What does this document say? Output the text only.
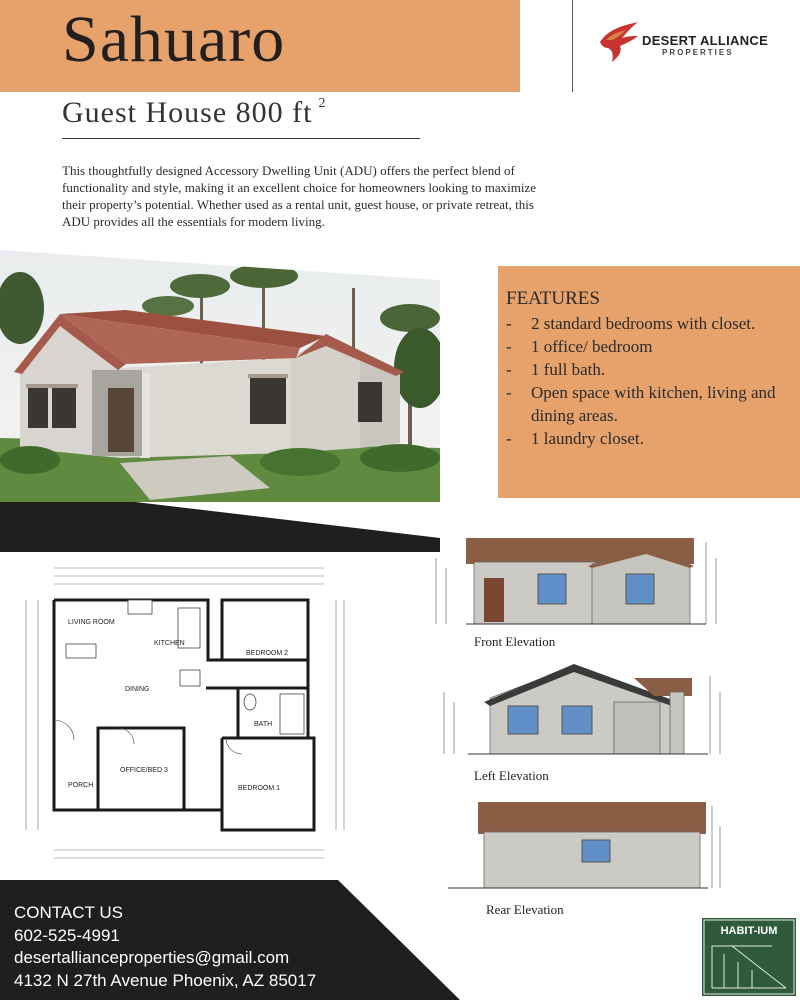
Sahuaro
Guest House 800 ft $^2$
DESERT ALLIANCE
PROPERTIES
This thoughtfully designed Accessory Dwelling Unit (ADU) offers the perfect blend of functionality and style, making it an excellent choice for homeowners looking to maximize their property’s potential. Whether used as a rental unit, guest house, or private retreat, this ADU provides all the essentials for modern living.
FEATURES
- 2 standard bedrooms with closet.
- 1 office/ bedroom
- 1 full bath.
- Open space with kitchen, living and dining areas.
- 1 laundry closet.
LIVING ROOM
KITCHEN
DINING
BEDROOM 2
BATH
OFFICE/BED 3
BEDROOM 1
PORCH
Front Elevation
Left Elevation
Rear Elevation
CONTACT US
602-525-4991
desertallianceproperties@gmail.com
4132 N 27th Avenue Phoenix, AZ 85017
HABIT-IUM
